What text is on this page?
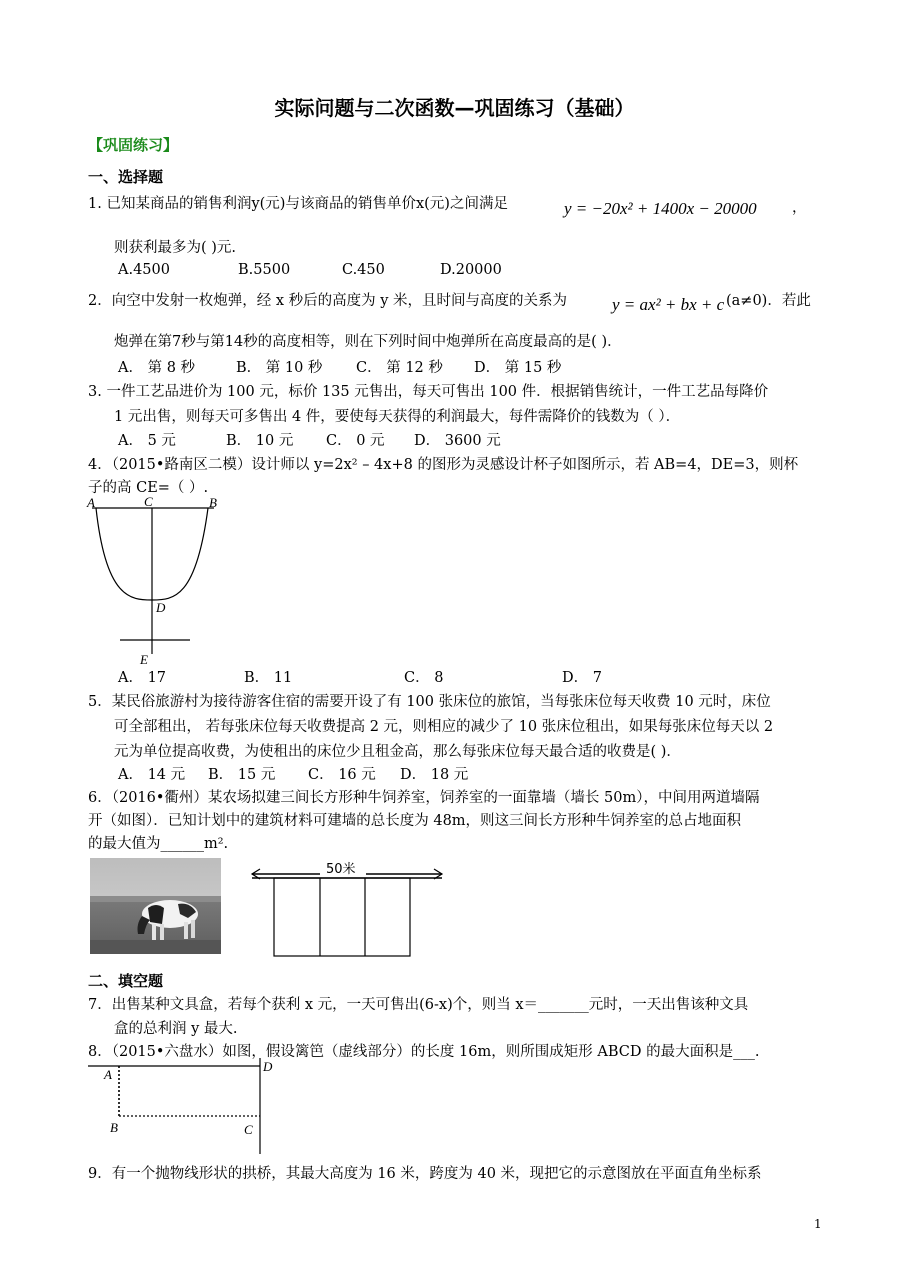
实际问题与二次函数—巩固练习（基础）
【巩固练习】
一、选择题
1. 已知某商品的销售利润y(元)与该商品的销售单价x(元)之间满足	y = −20x² + 1400x − 20000 ，
则获利最多为( )元.
A.4500	B.5500	C.450	D.20000
2．向空中发射一枚炮弹，经 x 秒后的高度为 y 米，且时间与高度的关系为	y = ax² + bx + c (a≠0)．若此
炮弹在第7秒与第14秒的高度相等，则在下列时间中炮弹所在高度最高的是( )．
A． 第 8 秒	B． 第 10 秒 C． 第 12 秒 D． 第 15 秒
3. 一件工艺品进价为 100 元，标价 135 元售出，每天可售出 100 件．根据销售统计，一件工艺品每降价
1 元出售，则每天可多售出 4 件，要使每天获得的利润最大，每件需降价的钱数为（ ）．
A． 5 元	B． 10 元 C． 0 元 D． 3600 元
4．（2015•路南区二模）设计师以 y=2x² – 4x+8 的图形为灵感设计杯子如图所示，若 AB=4，DE=3，则杯
子的高 CE=（ ）.
A	C	B
D
E
A． 17	B． 11	C． 8	D． 7
5．某民俗旅游村为接待游客住宿的需要开设了有 100 张床位的旅馆，当每张床位每天收费 10 元时，床位
可全部租出， 若每张床位每天收费提高 2 元，则相应的减少了 10 张床位租出，如果每张床位每天以 2
元为单位提高收费，为使租出的床位少且租金高，那么每张床位每天最合适的收费是( )．
A． 14 元 B． 15 元 C． 16 元 D． 18 元
6．（2016•衢州）某农场拟建三间长方形种牛饲养室，饲养室的一面靠墙（墙长 50m），中间用两道墙隔
开（如图）．已知计划中的建筑材料可建墙的总长度为 48m，则这三间长方形种牛饲养室的总占地面积
的最大值为______m².
50米
二、填空题
7．出售某种文具盒，若每个获利 x 元，一天可售出(6-x)个，则当 x＝_______元时，一天出售该种文具
盒的总利润 y 最大.
8．（2015•六盘水）如图，假设篱笆（虚线部分）的长度 16m，则所围成矩形 ABCD 的最大面积是___.
A
D
B	C
9．有一个抛物线形状的拱桥，其最大高度为 16 米，跨度为 40 米，现把它的示意图放在平面直角坐标系
1
